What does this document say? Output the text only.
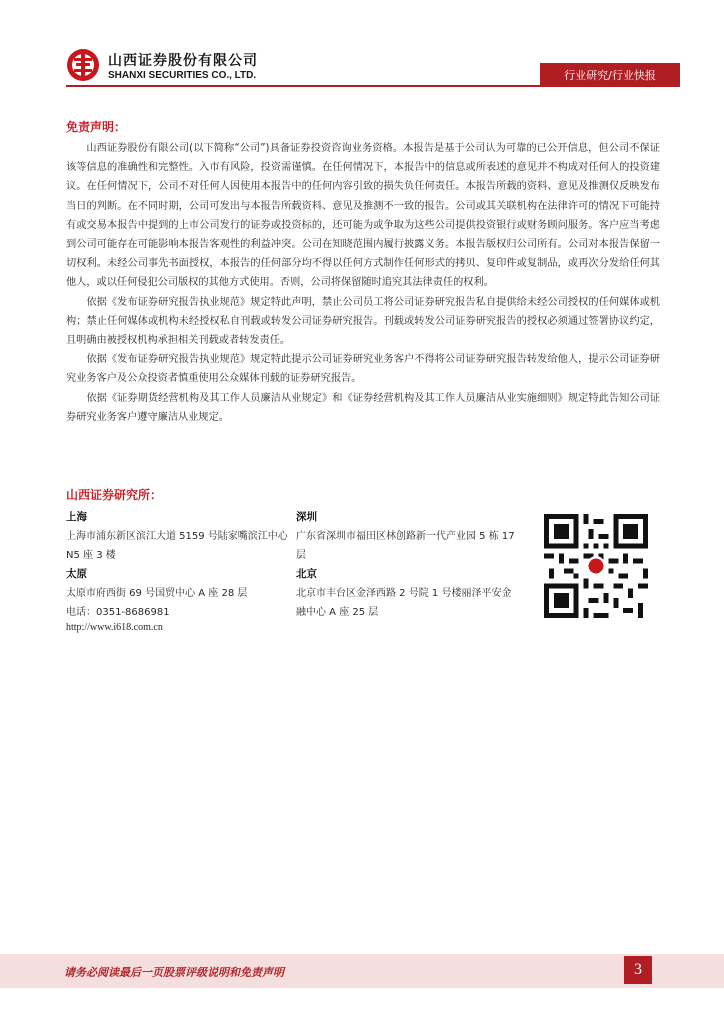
山西证券股份有限公司
SHANXI SECURITIES CO., LTD.	行业研究/行业快报
免责声明：

山西证券股份有限公司(以下简称“公司”)具备证券投资咨询业务资格。本报告是基于公司认为可靠的已公开信息，但公司不保证该等信息的准确性和完整性。入市有风险，投资需谨慎。在任何情况下，本报告中的信息或所表述的意见并不构成对任何人的投资建议。在任何情况下，公司不对任何人因使用本报告中的任何内容引致的损失负任何责任。本报告所载的资料、意见及推测仅反映发布当日的判断。在不同时期，公司可发出与本报告所载资料、意见及推测不一致的报告。公司或其关联机构在法律许可的情况下可能持有或交易本报告中提到的上市公司发行的证券或投资标的，还可能为或争取为这些公司提供投资银行或财务顾问服务。客户应当考虑到公司可能存在可能影响本报告客观性的利益冲突。公司在知晓范围内履行披露义务。本报告版权归公司所有。公司对本报告保留一切权利。未经公司事先书面授权，本报告的任何部分均不得以任何方式制作任何形式的拷贝、复印件或复制品，或再次分发给任何其他人，或以任何侵犯公司版权的其他方式使用。否则，公司将保留随时追究其法律责任的权利。

依据《发布证券研究报告执业规范》规定特此声明，禁止公司员工将公司证券研究报告私自提供给未经公司授权的任何媒体或机构；禁止任何媒体或机构未经授权私自刊载或转发公司证券研究报告。刊载或转发公司证券研究报告的授权必须通过签署协议约定，且明确由被授权机构承担相关刊载或者转发责任。

依据《发布证券研究报告执业规范》规定特此提示公司证券研究业务客户不得将公司证券研究报告转发给他人，提示公司证券研究业务客户及公众投资者慎重使用公众媒体刊载的证券研究报告。

依据《证券期货经营机构及其工作人员廉洁从业规定》和《证券经营机构及其工作人员廉洁从业实施细则》规定特此告知公司证券研究业务客户遵守廉洁从业规定。

山西证券研究所：
上海
上海市浦东新区滨江大道 5159 号陆家嘴滨江中心 N5 座 3 楼
深圳
广东省深圳市福田区林创路新一代产业园 5 栋 17 层
太原
太原市府西街 69 号国贸中心 A 座 28 层
电话：0351-8686981
北京
北京市丰台区金泽西路 2 号院 1 号楼丽泽平安金融中心 A 座 25 层
http://www.i618.com.cn
请务必阅读最后一页股票评级说明和免责声明	3
